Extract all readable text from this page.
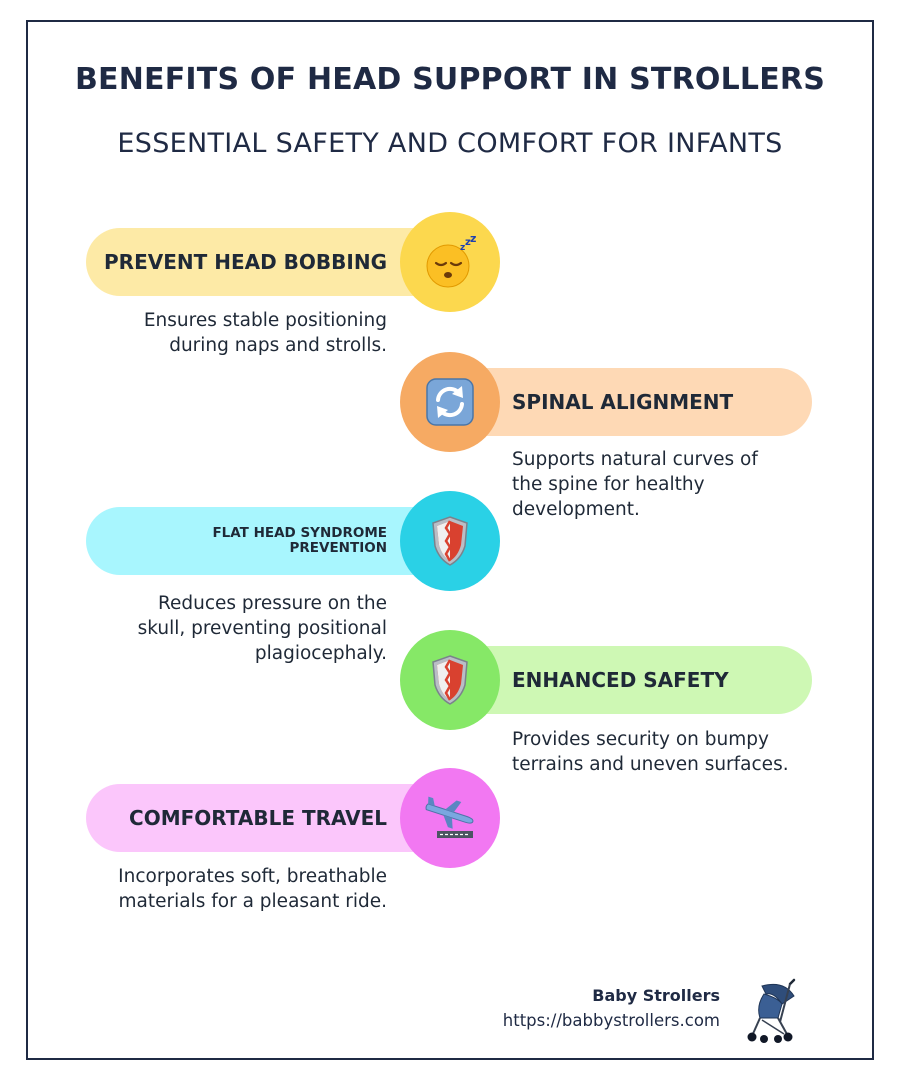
BENEFITS OF HEAD SUPPORT IN STROLLERS
ESSENTIAL SAFETY AND COMFORT FOR INFANTS
PREVENT HEAD BOBBING
z z z
Ensures stable positioning
during naps and strolls.
SPINAL ALIGNMENT
Supports natural curves of
the spine for healthy
development.
FLAT HEAD SYNDROME
PREVENTION
Reduces pressure on the
skull, preventing positional
plagiocephaly.
ENHANCED SAFETY
Provides security on bumpy
terrains and uneven surfaces.
COMFORTABLE TRAVEL
Incorporates soft, breathable
materials for a pleasant ride.
Baby Strollers
https://babbystrollers.com
